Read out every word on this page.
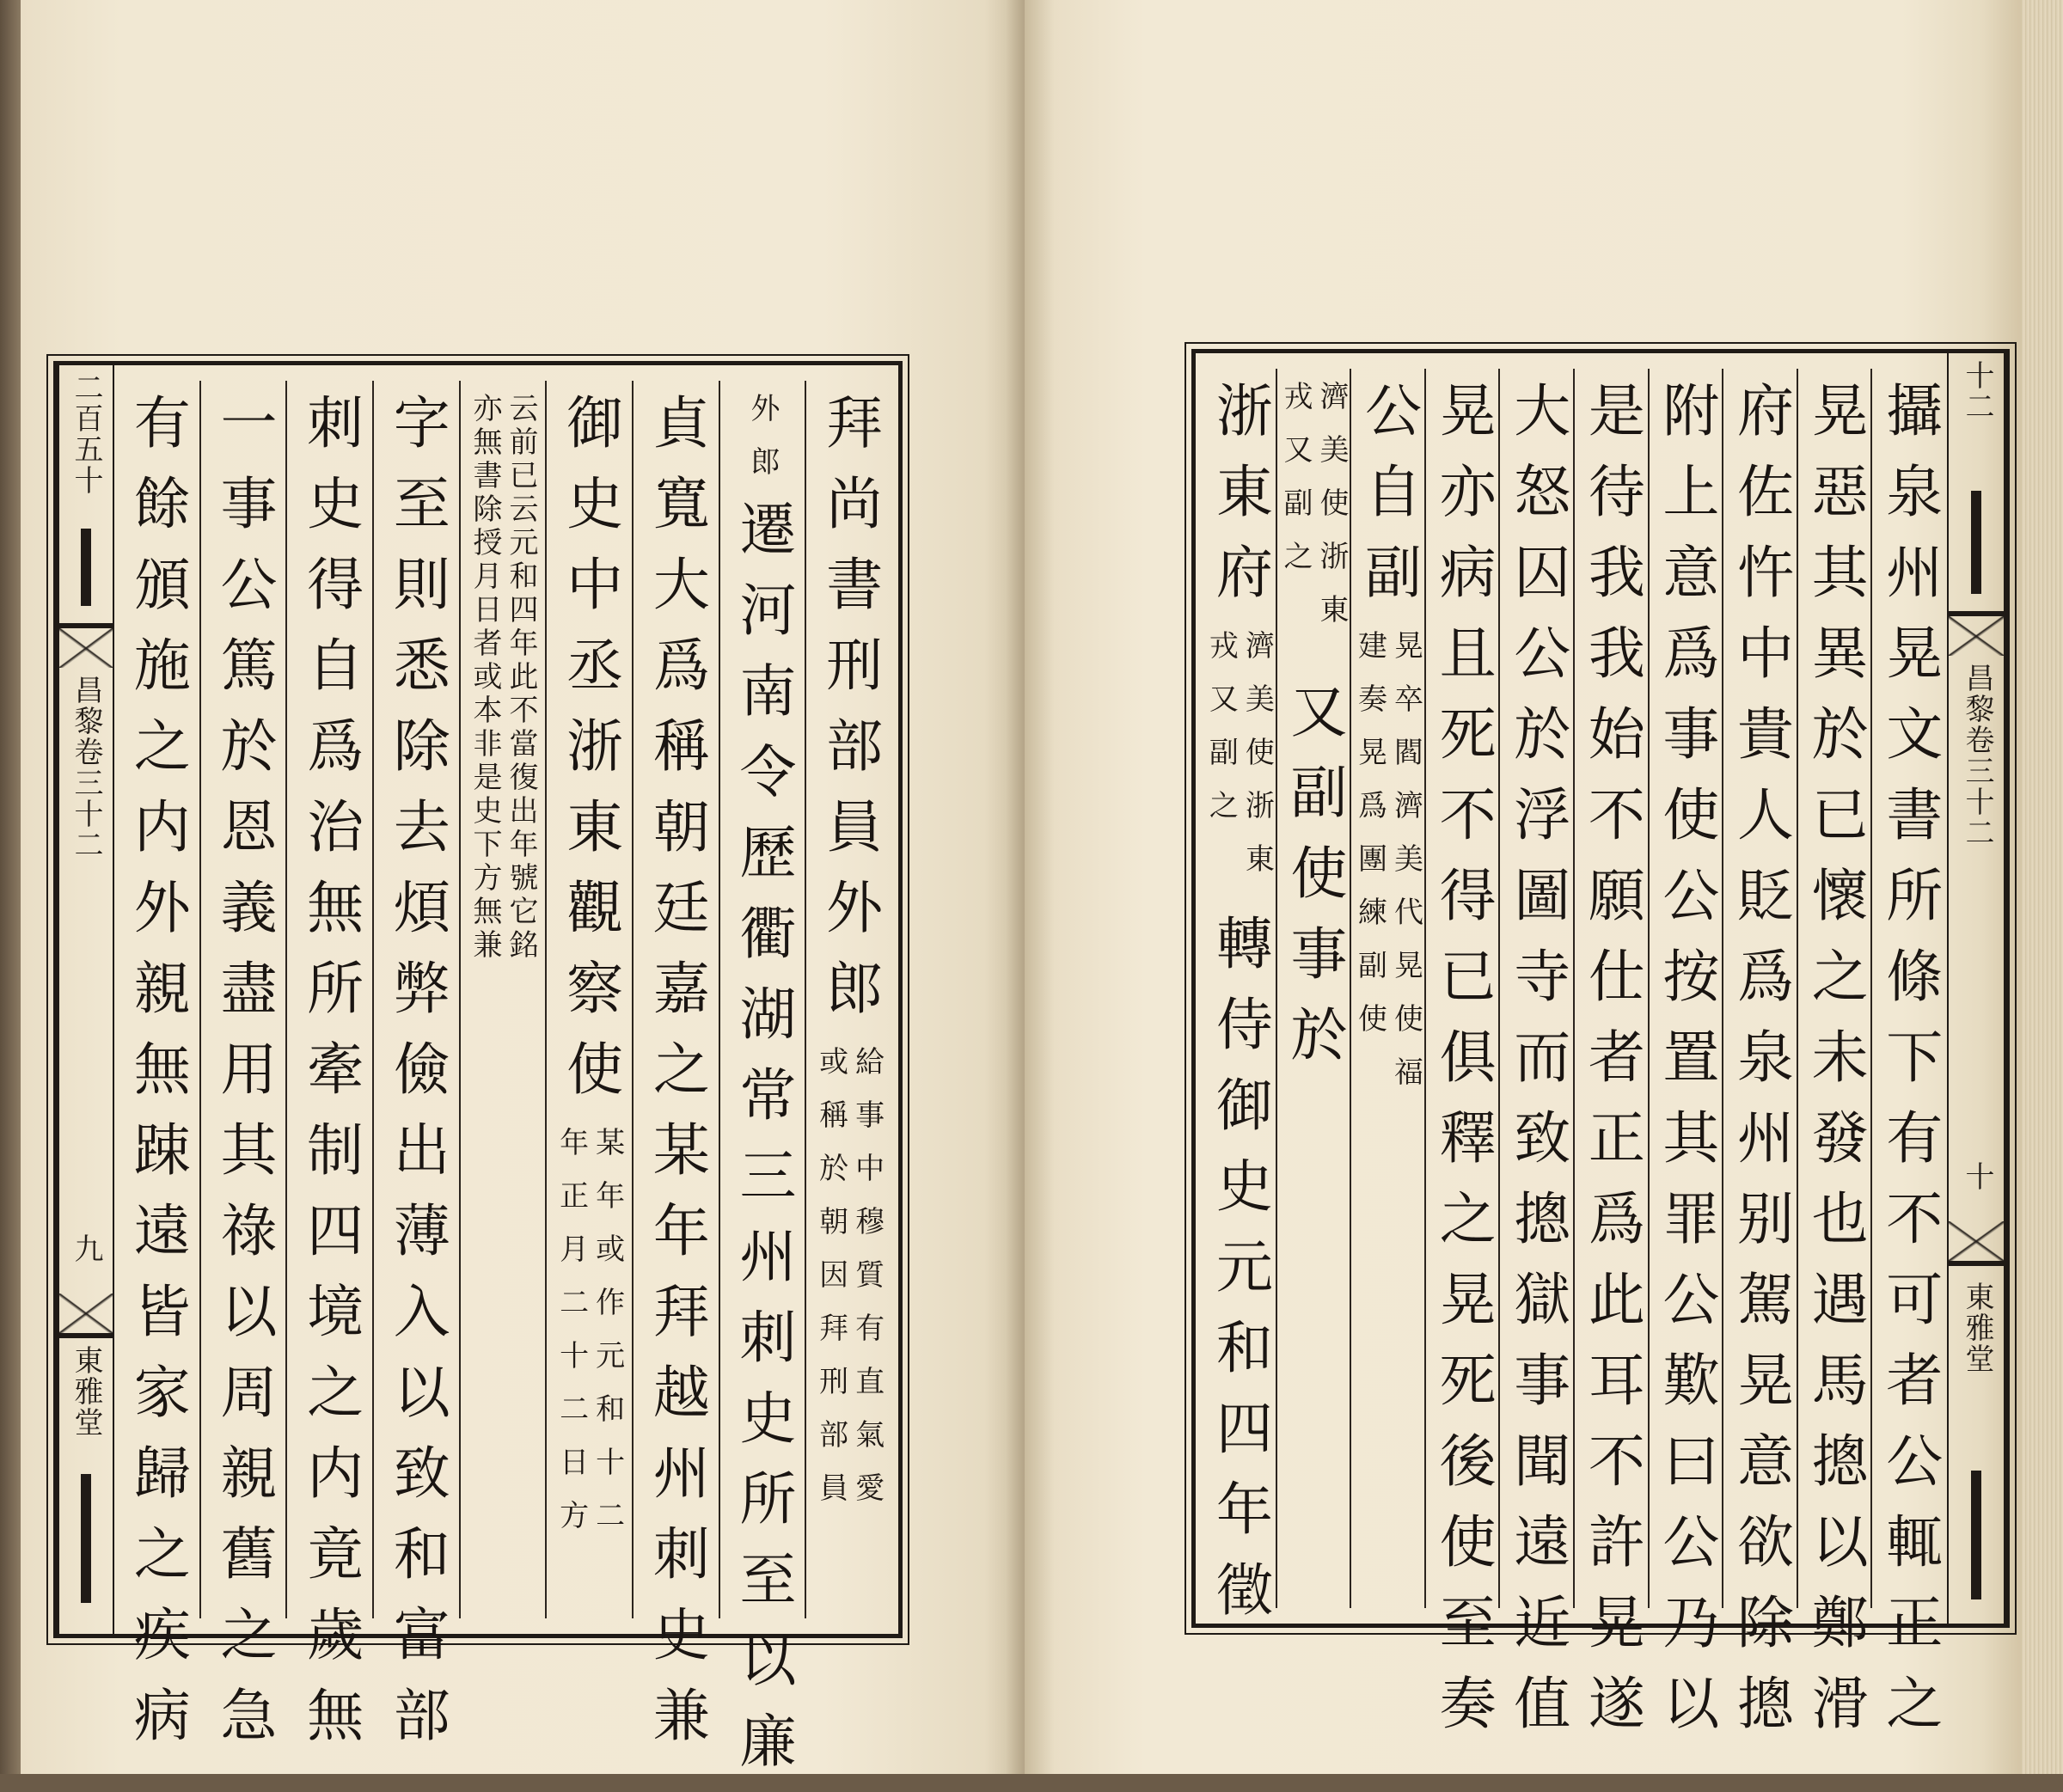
二百五十
昌黎卷三十二
九
東雅堂
拜尚書刑部員外郎
給事中穆質有直氣愛
或稱於朝因拜刑部員
外郎
遷河南令歷衢湖常三州刺史所至以廉
貞寬大爲稱朝廷嘉之某年拜越州刺史兼
御史中丞浙東觀察使
某年或作元和十二
年正月二十二日方
云前已云元和四年此不當復出年號它銘
亦無書除授月日者或本非是史下方無兼
字至則悉除去煩弊儉出薄入以致和富部
刺史得自爲治無所牽制四境之内竟歲無
一事公篤於恩義盡用其祿以周親舊之急
有餘頒施之内外親無踈遠皆家歸之疾病
十二
昌黎卷三十二
十
東雅堂
攝泉州晃文書所條下有不可者公輒正之
晃惡其異於已懷之未發也遇馬摠以鄭滑
府佐忤中貴人貶爲泉州别駕晃意欲除摠
附上意爲事使公按置其罪公歎曰公乃以
是待我我始不願仕者正爲此耳不許晃遂
大怒囚公於浮圖寺而致摠獄事聞遠近值
晃亦病且死不得已俱釋之晃死後使至奏
公自副
晃卒閻濟美代晃使福
建奏晃爲團練副使
濟美使浙東
戎又副之
又副使事於
浙東府
濟美使浙東
戎又副之
轉侍御史元和四年徵
